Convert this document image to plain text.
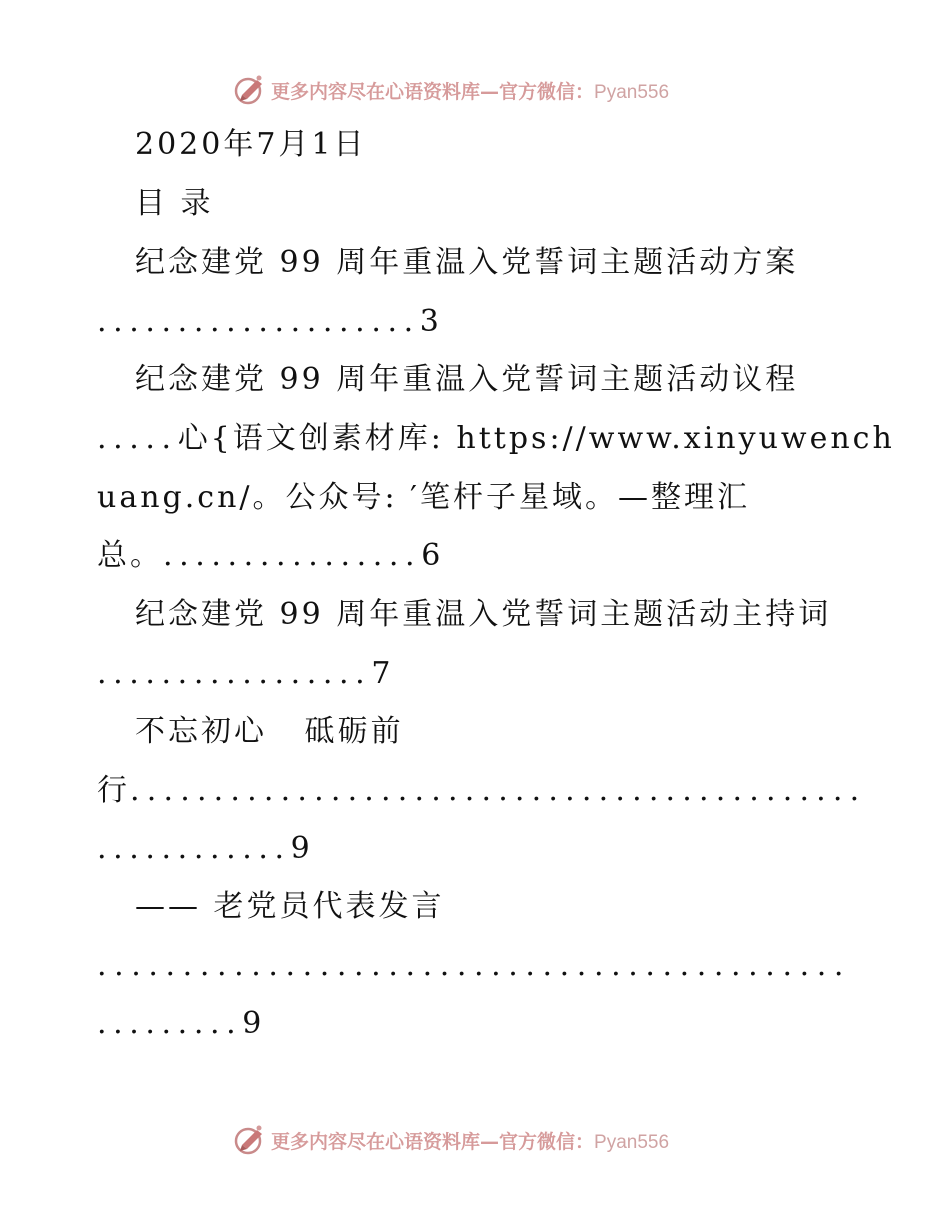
更多内容尽在心语资料库—官方微信：Pyan556
2020年7月1日
目 录
纪念建党 99 周年重温入党誓词主题活动方案
....................3
纪念建党 99 周年重温入党誓词主题活动议程
.....心{语文创素材库: https://www.xinyuwench
uang.cn/。公众号: ′笔杆子星域。—整理汇
总。................6
纪念建党 99 周年重温入党誓词主题活动主持词
.................7
不忘初心   砥砺前
行............................................
............9
—— 老党员代表发言
............................................
.........9
更多内容尽在心语资料库—官方微信：Pyan556
